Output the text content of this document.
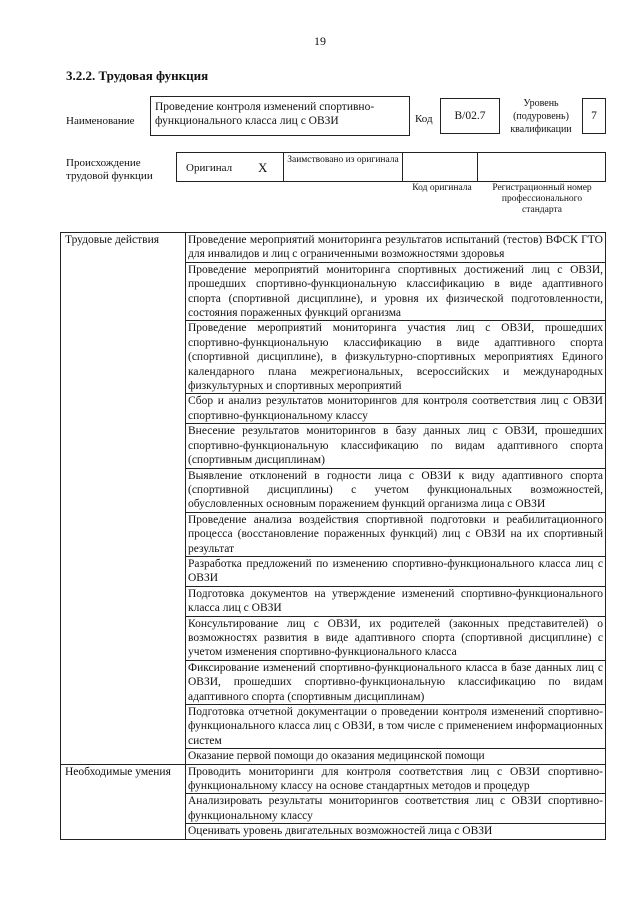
19
3.2.2. Трудовая функция
Наименование
Проведение контроля изменений спортивно-функционального класса лиц с ОВЗИ	Код	B/02.7
Уровень (подуровень) квалификации
7
Происхождение трудовой функции
Оригинал X Заимствовано из оригинала
Код оригинала	Регистрационный номер профессионального стандарта
Трудовые действия	Проведение мероприятий мониторинга результатов испытаний (тестов) ВФСК ГТО для инвалидов и лиц с ограниченными возможностями здоровья
	Проведение мероприятий мониторинга спортивных достижений лиц с ОВЗИ, прошедших спортивно-функциональную классификацию в виде адаптивного спорта (спортивной дисциплине), и уровня их физической подготовленности, состояния пораженных функций организма
	Проведение мероприятий мониторинга участия лиц с ОВЗИ, прошедших спортивно-функциональную классификацию в виде адаптивного спорта (спортивной дисциплине), в физкультурно-спортивных мероприятиях Единого календарного плана межрегиональных, всероссийских и международных физкультурных и спортивных мероприятий
	Сбор и анализ результатов мониторингов для контроля соответствия лиц с ОВЗИ спортивно-функциональному классу
	Внесение результатов мониторингов в базу данных лиц с ОВЗИ, прошедших спортивно-функциональную классификацию по видам адаптивного спорта (спортивным дисциплинам)
	Выявление отклонений в годности лица с ОВЗИ к виду адаптивного спорта (спортивной дисциплины) с учетом функциональных возможностей, обусловленных основным поражением функций организма лица с ОВЗИ
	Проведение анализа воздействия спортивной подготовки и реабилитационного процесса (восстановление пораженных функций) лиц с ОВЗИ на их спортивный результат
	Разработка предложений по изменению спортивно-функционального класса лиц с ОВЗИ
	Подготовка документов на утверждение изменений спортивно-функционального класса лиц с ОВЗИ
	Консультирование лиц с ОВЗИ, их родителей (законных представителей) о возможностях развития в виде адаптивного спорта (спортивной дисциплине) с учетом изменения спортивно-функционального класса
	Фиксирование изменений спортивно-функционального класса в базе данных лиц с ОВЗИ, прошедших спортивно-функциональную классификацию по видам адаптивного спорта (спортивным дисциплинам)
	Подготовка отчетной документации о проведении контроля изменений спортивно-функционального класса лиц с ОВЗИ, в том числе с применением информационных систем
	Оказание первой помощи до оказания медицинской помощи
Необходимые умения	Проводить мониторинги для контроля соответствия лиц с ОВЗИ спортивно-функциональному классу на основе стандартных методов и процедур
	Анализировать результаты мониторингов соответствия лиц с ОВЗИ спортивно-функциональному классу
	Оценивать уровень двигательных возможностей лица с ОВЗИ
